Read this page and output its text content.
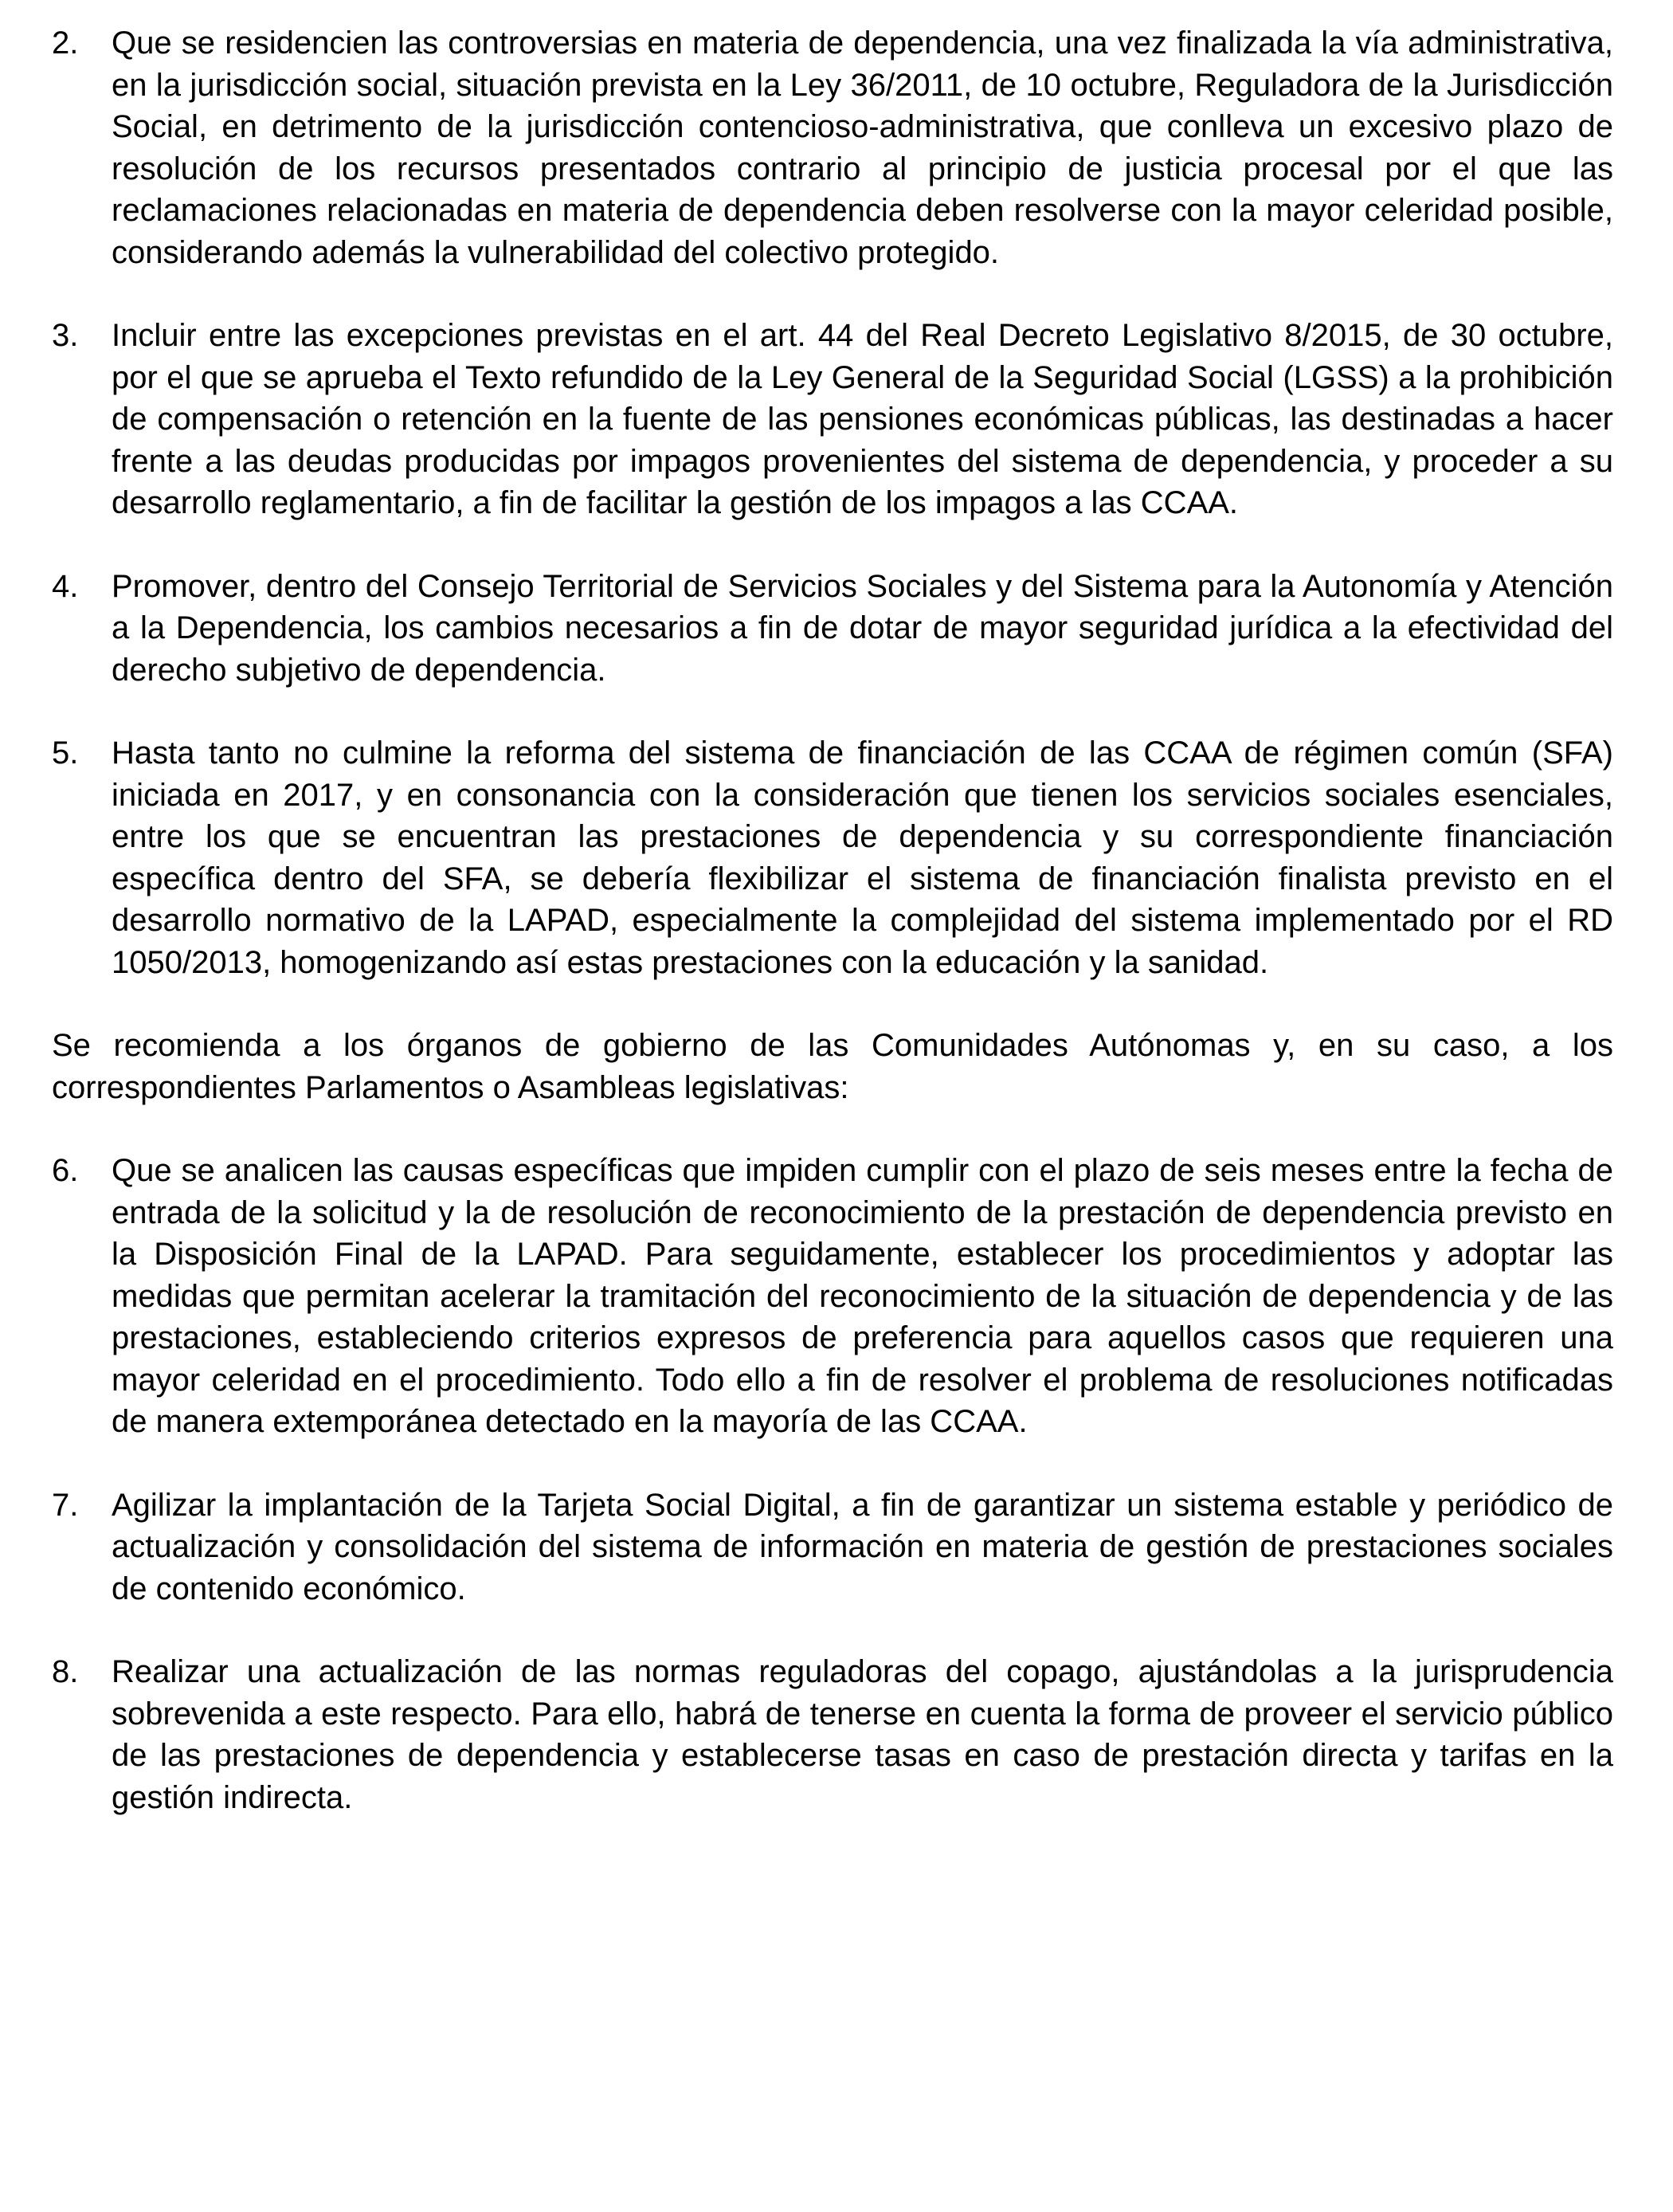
2. Que se residencien las controversias en materia de dependencia, una vez finalizada la vía administrativa, en la jurisdicción social, situación prevista en la Ley 36/2011, de 10 octubre, Reguladora de la Jurisdicción Social, en detrimento de la jurisdicción contencioso-administrativa, que conlleva un excesivo plazo de resolución de los recursos presentados contrario al principio de justicia procesal por el que las reclamaciones relacionadas en materia de dependencia deben resolverse con la mayor celeridad posible, considerando además la vulnerabilidad del colectivo protegido.
3. Incluir entre las excepciones previstas en el art. 44 del Real Decreto Legislativo 8/2015, de 30 octubre, por el que se aprueba el Texto refundido de la Ley General de la Seguridad Social (LGSS) a la prohibición de compensación o retención en la fuente de las pensiones económicas públicas, las destinadas a hacer frente a las deudas producidas por impagos provenientes del sistema de dependencia, y proceder a su desarrollo reglamentario, a fin de facilitar la gestión de los impagos a las CCAA.
4. Promover, dentro del Consejo Territorial de Servicios Sociales y del Sistema para la Autonomía y Atención a la Dependencia, los cambios necesarios a fin de dotar de mayor seguridad jurídica a la efectividad del derecho subjetivo de dependencia.
5. Hasta tanto no culmine la reforma del sistema de financiación de las CCAA de régimen común (SFA) iniciada en 2017, y en consonancia con la consideración que tienen los servicios sociales esenciales, entre los que se encuentran las prestaciones de dependencia y su correspondiente financiación específica dentro del SFA, se debería flexibilizar el sistema de financiación finalista previsto en el desarrollo normativo de la LAPAD, especialmente la complejidad del sistema implementado por el RD 1050/2013, homogenizando así estas prestaciones con la educación y la sanidad.
Se recomienda a los órganos de gobierno de las Comunidades Autónomas y, en su caso, a los correspondientes Parlamentos o Asambleas legislativas:
6. Que se analicen las causas específicas que impiden cumplir con el plazo de seis meses entre la fecha de entrada de la solicitud y la de resolución de reconocimiento de la prestación de dependencia previsto en la Disposición Final de la LAPAD. Para seguidamente, establecer los procedimientos y adoptar las medidas que permitan acelerar la tramitación del reconocimiento de la situación de dependencia y de las prestaciones, estableciendo criterios expresos de preferencia para aquellos casos que requieren una mayor celeridad en el procedimiento. Todo ello a fin de resolver el problema de resoluciones notificadas de manera extemporánea detectado en la mayoría de las CCAA.
7. Agilizar la implantación de la Tarjeta Social Digital, a fin de garantizar un sistema estable y periódico de actualización y consolidación del sistema de información en materia de gestión de prestaciones sociales de contenido económico.
8. Realizar una actualización de las normas reguladoras del copago, ajustándolas a la jurisprudencia sobrevenida a este respecto. Para ello, habrá de tenerse en cuenta la forma de proveer el servicio público de las prestaciones de dependencia y establecerse tasas en caso de prestación directa y tarifas en la gestión indirecta.
